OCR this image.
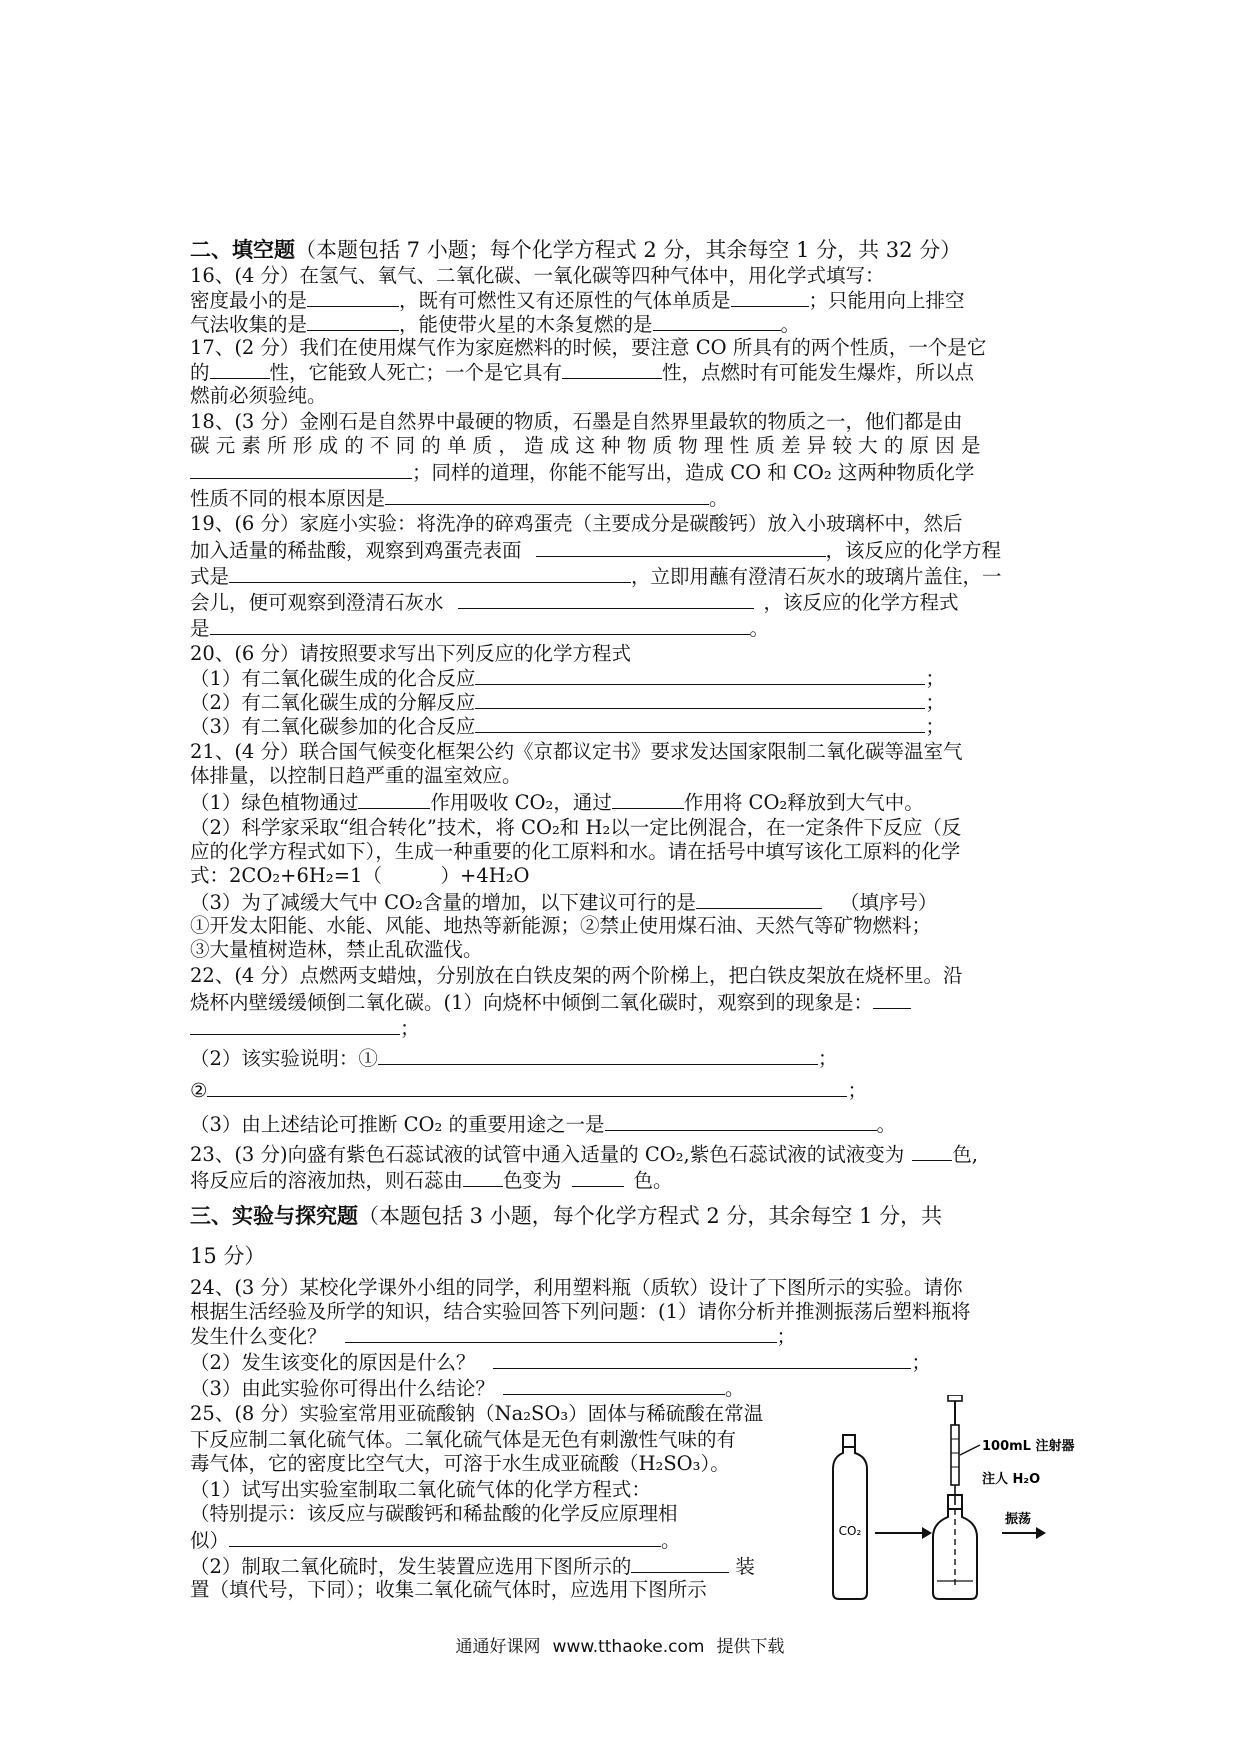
二、填空题（本题包括 7 小题；每个化学方程式 2 分，其余每空 1 分，共 32 分）
16、(4 分）在氢气、氧气、二氧化碳、一氧化碳等四种气体中，用化学式填写：
密度最小的是	，既有可燃性又有还原性的气体单质是	；只能用向上排空
气法收集的是	，能使带火星的木条复燃的是	。
17、(2 分）我们在使用煤气作为家庭燃料的时候，要注意 CO 所具有的两个性质，一个是它
的	性，它能致人死亡；一个是它具有	性，点燃时有可能发生爆炸，所以点
燃前必须验纯。
18、(3 分）金刚石是自然界中最硬的物质，石墨是自然界里最软的物质之一，他们都是由
碳 元 素 所 形 成 的 不 同 的 单 质 ， 造 成 这 种 物 质 物 理 性 质 差 异 较 大 的 原 因 是
；同样的道理，你能不能写出，造成 CO 和 CO₂ 这两种物质化学
性质不同的根本原因是	。
19、(6 分）家庭小实验：将洗净的碎鸡蛋壳（主要成分是碳酸钙）放入小玻璃杯中，然后
加入适量的稀盐酸，观察到鸡蛋壳表面	，该反应的化学方程
式是	，立即用蘸有澄清石灰水的玻璃片盖住，一
会儿，便可观察到澄清石灰水	，该反应的化学方程式
是	。
20、(6 分）请按照要求写出下列反应的化学方程式
（1）有二氧化碳生成的化合反应	；
（2）有二氧化碳生成的分解反应	；
（3）有二氧化碳参加的化合反应	；
21、(4 分）联合国气候变化框架公约《京都议定书》要求发达国家限制二氧化碳等温室气
体排量，以控制日趋严重的温室效应。
（1）绿色植物通过	作用吸收 CO₂，通过	作用将 CO₂释放到大气中。
（2）科学家采取“组合转化”技术，将 CO₂和 H₂以一定比例混合，在一定条件下反应（反
应的化学方程式如下），生成一种重要的化工原料和水。请在括号中填写该化工原料的化学
式：2CO₂+6H₂=1（　　　）+4H₂O
（3）为了减缓大气中 CO₂含量的增加，以下建议可行的是	（填序号）
①开发太阳能、水能、风能、地热等新能源；②禁止使用煤石油、天然气等矿物燃料；
③大量植树造林，禁止乱砍滥伐。
22、(4 分）点燃两支蜡烛，分别放在白铁皮架的两个阶梯上，把白铁皮架放在烧杯里。沿
烧杯内壁缓缓倾倒二氧化碳。(1）向烧杯中倾倒二氧化碳时，观察到的现象是：
；
（2）该实验说明：①	；
②	；
（3）由上述结论可推断 CO₂ 的重要用途之一是	。
23、(3 分)向盛有紫色石蕊试液的试管中通入适量的 CO₂,紫色石蕊试液的试液变为 色,
将反应后的溶液加热，则石蕊由 色变为	色。
三、实验与探究题（本题包括 3 小题，每个化学方程式 2 分，其余每空 1 分，共
15 分）
24、(3 分）某校化学课外小组的同学，利用塑料瓶（质软）设计了下图所示的实验。请你
根据生活经验及所学的知识，结合实验回答下列问题：(1）请你分析并推测振荡后塑料瓶将
发生什么变化？	；
（2）发生该变化的原因是什么？	；
（3）由此实验你可得出什么结论？	。
25、(8 分）实验室常用亚硫酸钠（Na₂SO₃）固体与稀硫酸在常温
下反应制二氧化硫气体。二氧化硫气体是无色有刺激性气味的有
毒气体，它的密度比空气大，可溶于水生成亚硫酸（H₂SO₃）。
（1）试写出实验室制取二氧化硫气体的化学方程式：
（特别提示：该反应与碳酸钙和稀盐酸的化学反应原理相
似）	。
（2）制取二氧化硫时，发生装置应选用下图所示的	装
置（填代号，下同）；收集二氧化硫气体时，应选用下图所示
CO₂
100mL 注射器
注人 H₂O
振荡
通通好课网 www.tthaoke.com 提供下载
